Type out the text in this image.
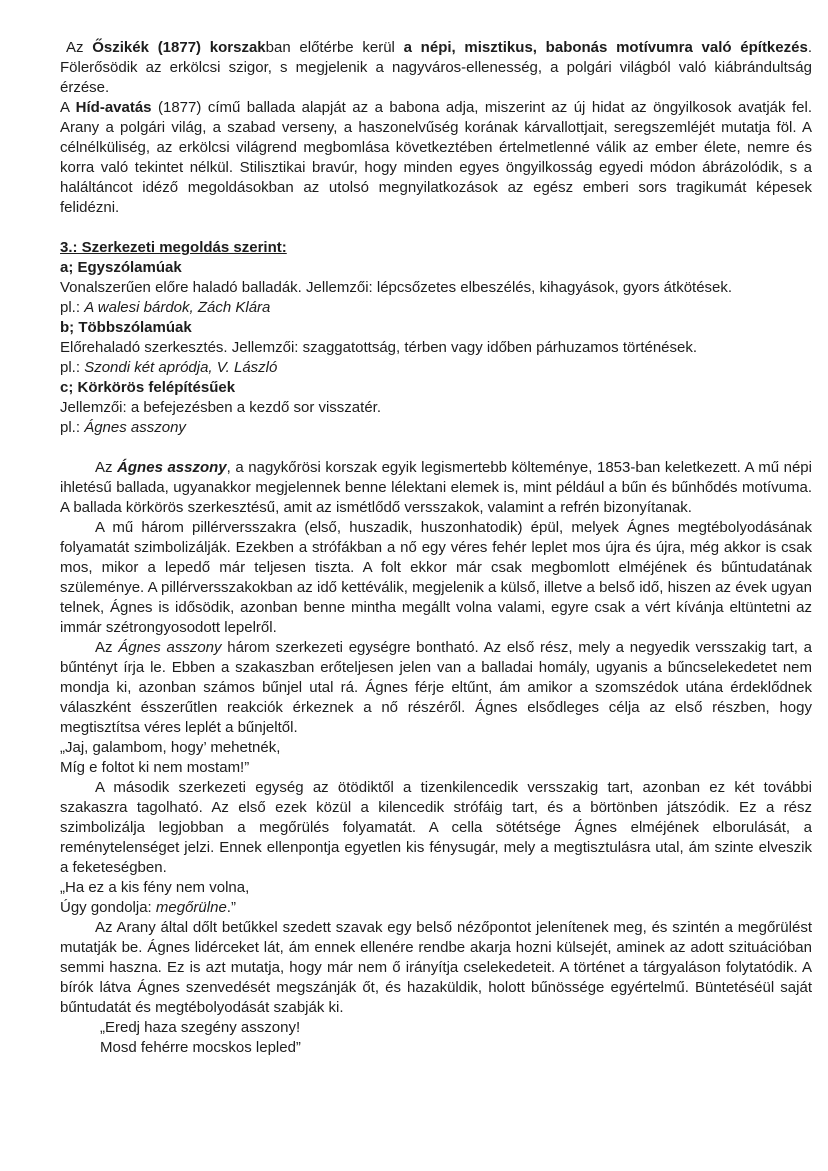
Az Őszikék (1877) korszakban előtérbe kerül a népi, misztikus, babonás motívumra való építkezés. Fölerősödik az erkölcsi szigor, s megjelenik a nagyváros-ellenesség, a polgári világból való kiábrándultság érzése.
A Híd-avatás (1877) című ballada alapját az a babona adja, miszerint az új hidat az öngyilkosok avatják fel. Arany a polgári világ, a szabad verseny, a haszonelvűség korának kárvallottjait, seregszemléjét mutatja föl. A célnélküliség, az erkölcsi világrend megbomlása következtében értelmetlenné válik az ember élete, nemre és korra való tekintet nélkül. Stilisztikai bravúr, hogy minden egyes öngyilkosság egyedi módon ábrázolódik, s a haláltáncot idéző megoldásokban az utolsó megnyilatkozások az egész emberi sors tragikumát képesek felidézni.
3.: Szerkezeti megoldás szerint:
a; Egyszólamúak
Vonalszerűen előre haladó balladák. Jellemzői: lépcsőzetes elbeszélés, kihagyások, gyors átkötések.
pl.: A walesi bárdok, Zách Klára
b; Többszólamúak
Előrehaladó szerkesztés. Jellemzői: szaggatottság, térben vagy időben párhuzamos történések.
pl.: Szondi két apródja, V. László
c; Körkörös felépítésűek
Jellemzői: a befejezésben a kezdő sor visszatér.
pl.: Ágnes asszony
Az Ágnes asszony, a nagykőrösi korszak egyik legismertebb költeménye, 1853-ban keletkezett. A mű népi ihletésű ballada, ugyanakkor megjelennek benne lélektani elemek is, mint például a bűn és bűnhődés motívuma. A ballada körkörös szerkesztésű, amit az ismétlődő versszakok, valamint a refrén bizonyítanak.
A mű három pillérversszakra (első, huszadik, huszonhatodik) épül, melyek Ágnes megtébolyodásának folyamatát szimbolizálják. Ezekben a strófákban a nő egy véres fehér leplet mos újra és újra, még akkor is csak mos, mikor a lepedő már teljesen tiszta. A folt ekkor már csak megbomlott elméjének és bűntudatának szüleménye. A pillérversszakokban az idő kettéválik, megjelenik a külső, illetve a belső idő, hiszen az évek ugyan telnek, Ágnes is idősödik, azonban benne mintha megállt volna valami, egyre csak a vért kívánja eltüntetni az immár szétrongyosodott lepelről.
Az Ágnes asszony három szerkezeti egységre bontható. Az első rész, mely a negyedik versszakig tart, a bűntényt írja le. Ebben a szakaszban erőteljesen jelen van a balladai homály, ugyanis a bűncselekedetet nem mondja ki, azonban számos bűnjel utal rá. Ágnes férje eltűnt, ám amikor a szomszédok utána érdeklődnek válaszként ésszerűtlen reakciók érkeznek a nő részéről. Ágnes elsődleges célja az első részben, hogy megtisztítsa véres leplét a bűnjeltől.
„Jaj, galambom, hogy’ mehetnék,
Míg e foltot ki nem mostam!”
A második szerkezeti egység az ötödiktől a tizenkilencedik versszakig tart, azonban ez két további szakaszra tagolható. Az első ezek közül a kilencedik strófáig tart, és a börtönben játszódik. Ez a rész szimbolizálja legjobban a megőrülés folyamatát. A cella sötétsége Ágnes elméjének elborulását, a reménytelenséget jelzi. Ennek ellenpontja egyetlen kis fénysugár, mely a megtisztulásra utal, ám szinte elveszik a feketeségben.
„Ha ez a kis fény nem volna,
Úgy gondolja: megőrülne.”
Az Arany által dőlt betűkkel szedett szavak egy belső nézőpontot jelenítenek meg, és szintén a megőrülést mutatják be. Ágnes lidérceket lát, ám ennek ellenére rendbe akarja hozni külsejét, aminek az adott szituációban semmi haszna. Ez is azt mutatja, hogy már nem ő irányítja cselekedeteit. A történet a tárgyaláson folytatódik. A bírók látva Ágnes szenvedését megszánják őt, és hazaküldik, holott bűnössége egyértelmű. Büntetéséül saját bűntudatát és megtébolyodását szabják ki.
„Eredj haza szegény asszony!
Mosd fehérre mocskos lepled”
